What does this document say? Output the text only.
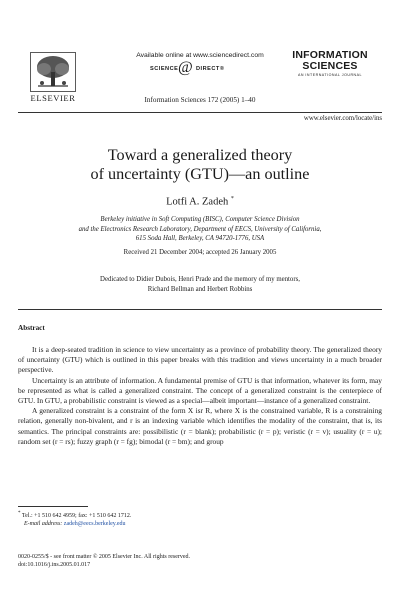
ELSEVIER
Available online at www.sciencedirect.com
SCIENCE @ DIRECT®
Information Sciences 172 (2005) 1–40
INFORMATION
SCIENCES
AN INTERNATIONAL JOURNAL
www.elsevier.com/locate/ins
Toward a generalized theory
of uncertainty (GTU)—an outline
Lotfi A. Zadeh *
Berkeley initiative in Soft Computing (BISC), Computer Science Division
and the Electronics Research Laboratory, Department of EECS, University of California,
615 Soda Hall, Berkeley, CA 94720-1776, USA
Received 21 December 2004; accepted 26 January 2005
Dedicated to Didier Dubois, Henri Prade and the memory of my mentors,
Richard Bellman and Herbert Robbins
Abstract

It is a deep-seated tradition in science to view uncertainty as a province of probability theory. The generalized theory of uncertainty (GTU) which is outlined in this paper breaks with this tradition and views uncertainty in a much broader perspective.

Uncertainty is an attribute of information. A fundamental premise of GTU is that information, whatever its form, may be represented as what is called a generalized constraint. The concept of a generalized constraint is the centerpiece of GTU. In GTU, a probabilistic constraint is viewed as a special—albeit important—instance of a generalized constraint.

A generalized constraint is a constraint of the form X isr R, where X is the constrained variable, R is a constraining relation, generally non-bivalent, and r is an indexing variable which identifies the modality of the constraint, that is, its semantics. The principal constraints are: possibilistic (r = blank); probabilistic (r = p); veristic (r = v); usuality (r = u); random set (r = rs); fuzzy graph (r = fg); bimodal (r = bm); and group

* Tel.: +1 510 642 4959; fax: +1 510 642 1712.
E-mail address: zadeh@eecs.berkeley.edu
0020-0255/$ - see front matter © 2005 Elsevier Inc. All rights reserved.
doi:10.1016/j.ins.2005.01.017
